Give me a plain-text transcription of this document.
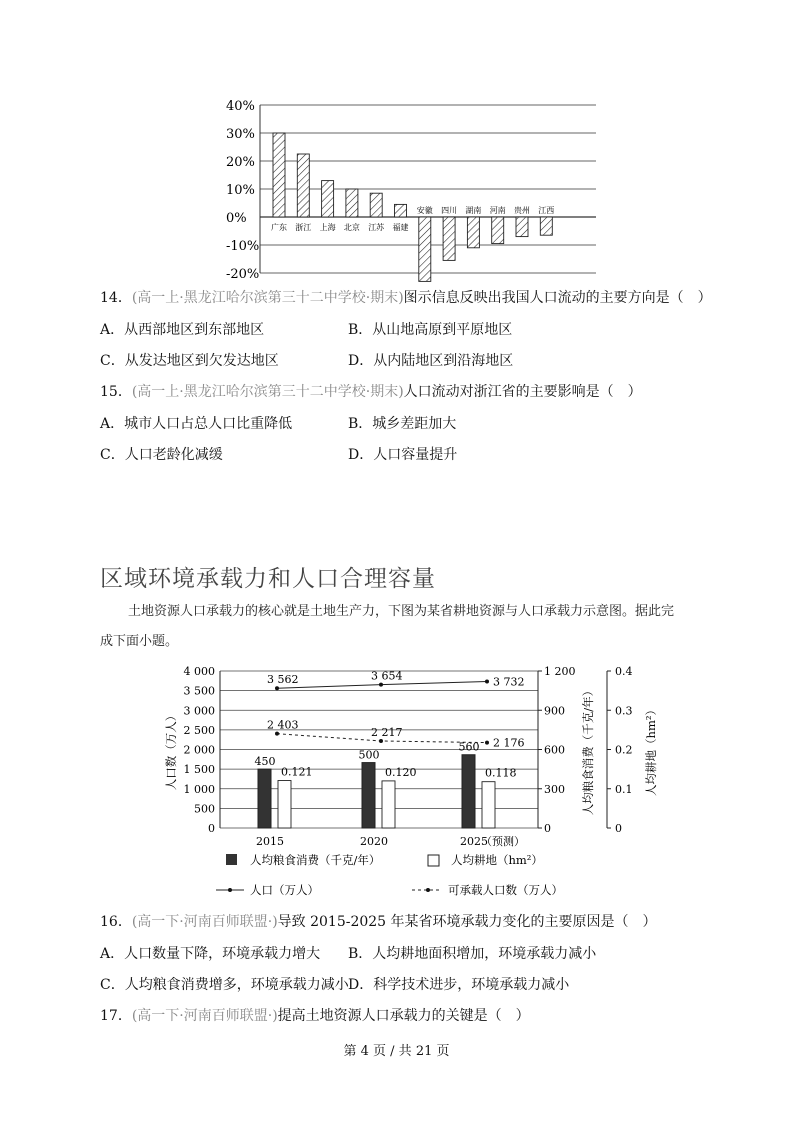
40%
30%
20%
10%
0%
-10%
-20%
广东 浙江 上海 北京 江苏 福建
安徽 四川 湖南 河南 贵州 江西
14．(高一上·黑龙江哈尔滨第三十二中学校·期末)图示信息反映出我国人口流动的主要方向是（　）
A．从西部地区到东部地区	B．从山地高原到平原地区
C．从发达地区到欠发达地区	D．从内陆地区到沿海地区
15．(高一上·黑龙江哈尔滨第三十二中学校·期末)人口流动对浙江省的主要影响是（　）
A．城市人口占总人口比重降低	B．城乡差距加大
C．人口老龄化减缓	D．人口容量提升
区域环境承载力和人口合理容量
土地资源人口承载力的核心就是土地生产力，下图为某省耕地资源与人口承载力示意图。据此完
成下面小题。
4 000
3 500
3 000
2 500
2 000
1 500
1 000
500
0
1 200
900
600
300
0
0.4
0.3
0.2
0.1
0
人口数（万人）	人均粮食消费（千克/年）	人均耕地（hm²）
2015	2020	2025
（预测）
450
0.121
500
0.120
560
0.118
3 562	3 654	3 732
2 403
2 217
2 176
人均粮食消费（千克/年）	人均耕地（hm²）
人口（万人）	可承载人口数（万人）
16．(高一下·河南百师联盟·)导致 2015-2025 年某省环境承载力变化的主要原因是（　）
A．人口数量下降，环境承载力增大 B．人均耕地面积增加，环境承载力减小
C．人均粮食消费增多，环境承载力减小 D．科学技术进步，环境承载力减小
17．(高一下·河南百师联盟·)提高土地资源人口承载力的关键是（　）
第 4 页 / 共 21 页
